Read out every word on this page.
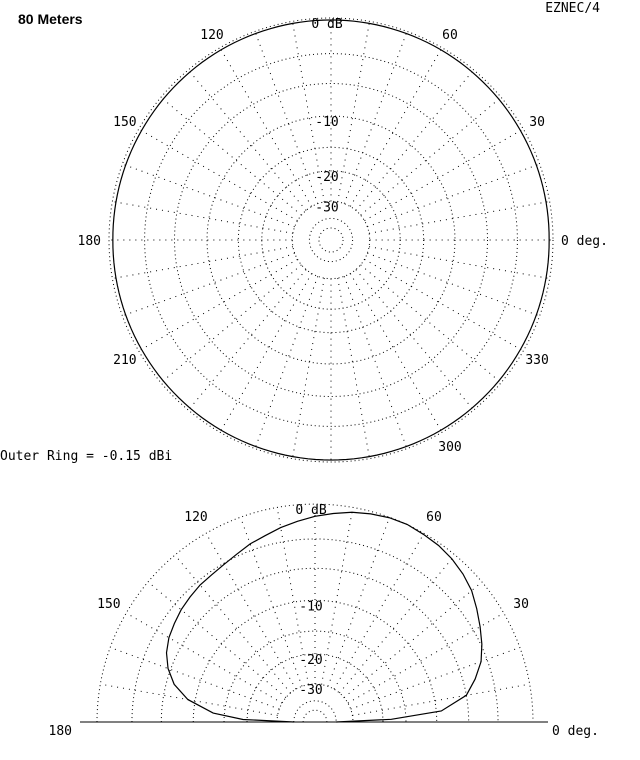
80 Meters
EZNEC/4
Outer Ring = -0.15 dBi
0 dB
-10
-20
-30
0 deg.
30
60
120
150
180
210
300
330
0 dB
-10
-20
-30
0 deg.
30
60
120
150
180
